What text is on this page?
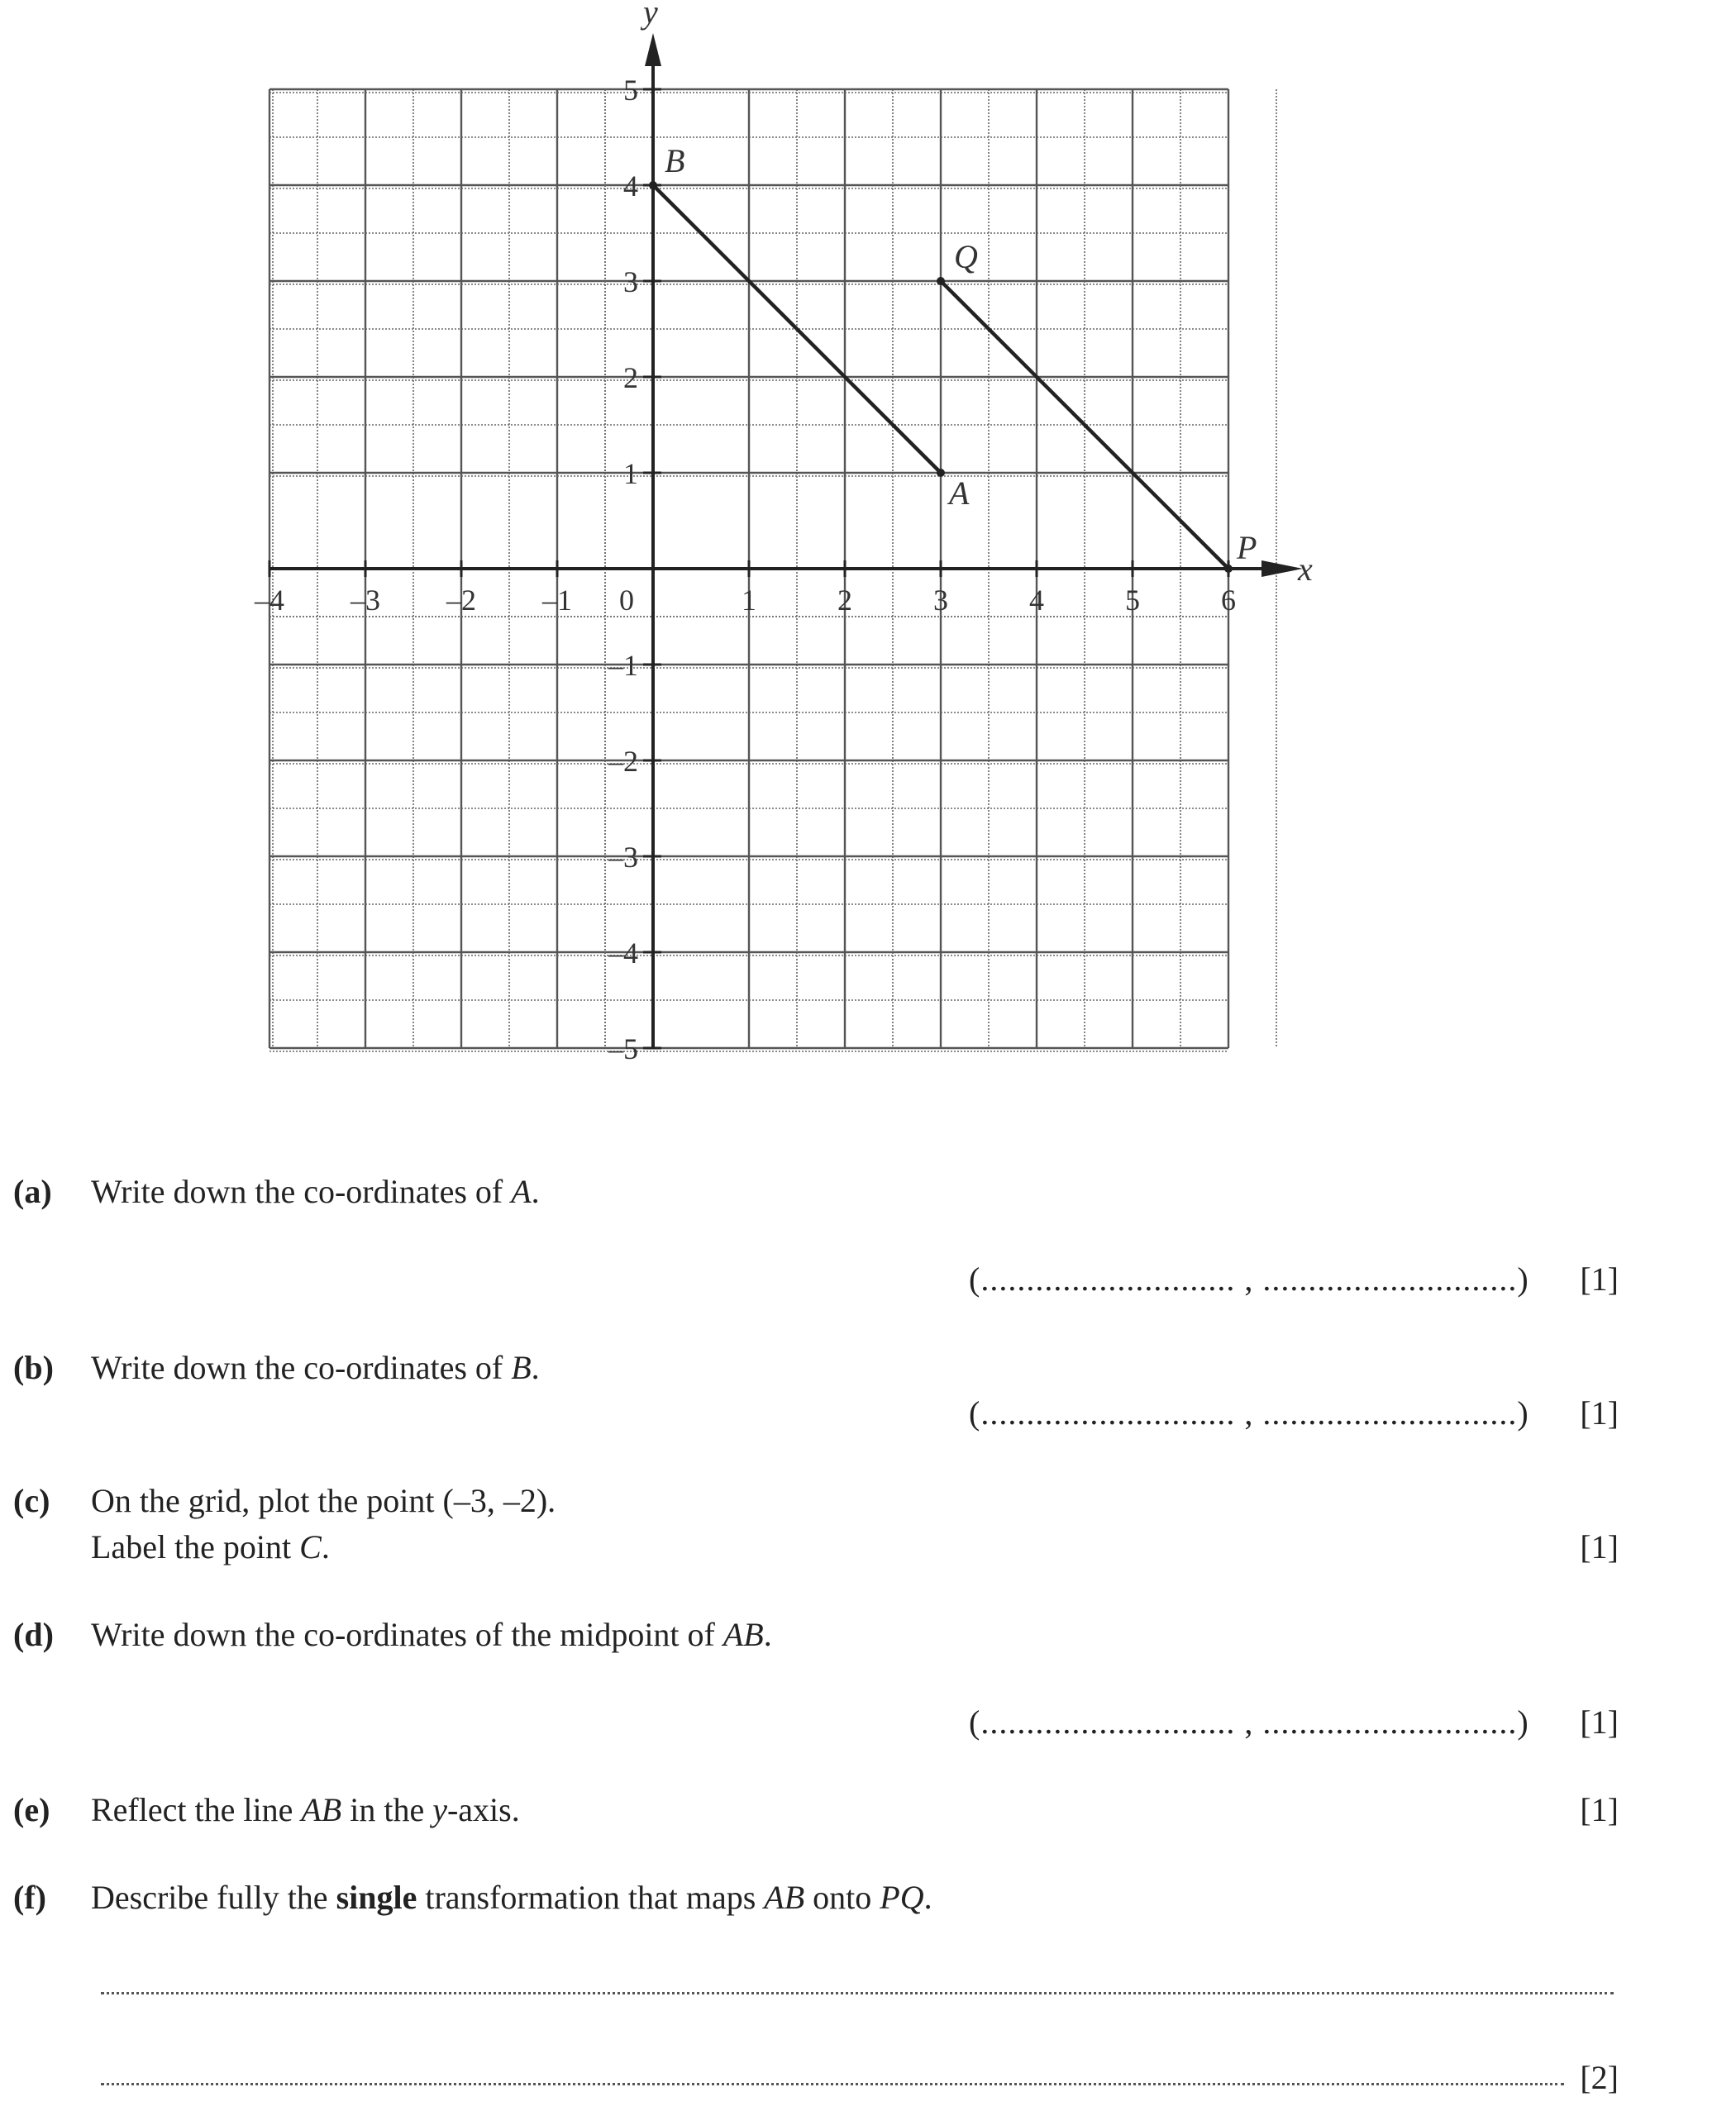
x
y
–4 –3 –2 –1	1	2	3	4	5	6
5
4
3
2
1
–1
–2
–3
–4
–5
0
A
B
P
Q
(a) Write down the co-ordinates of A.
(............................ , ............................) [1]
(b) Write down the co-ordinates of B.
(............................ , ............................) [1]
(c) On the grid, plot the point (–3, –2).
Label the point C.	[1]
(d) Write down the co-ordinates of the midpoint of AB.
(............................ , ............................) [1]
(e) Reflect the line AB in the y-axis.	[1]
(f) Describe fully the single transformation that maps AB onto PQ.
[2]
